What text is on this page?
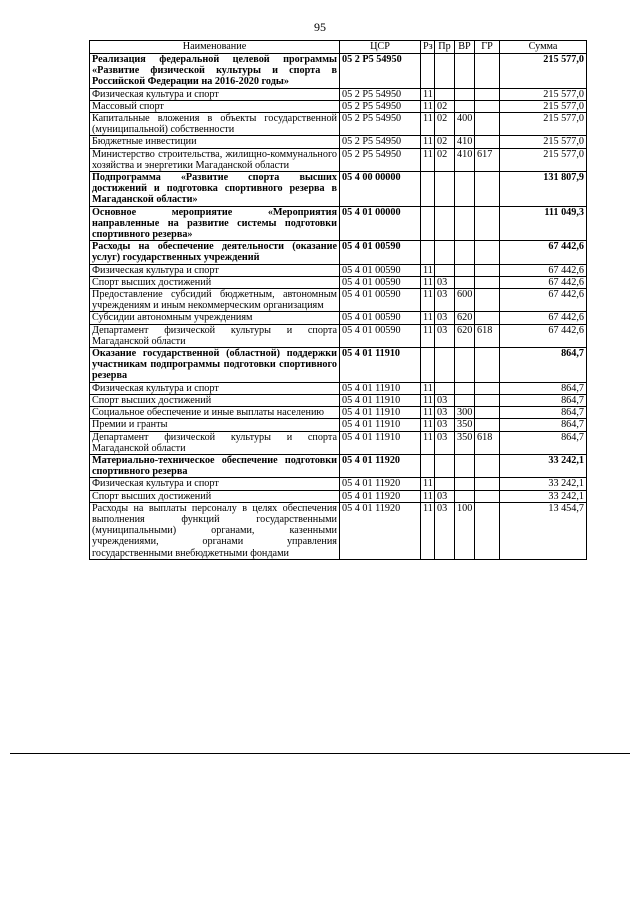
95
Наименование	ЦСР	Рз	Пр	ВР	ГР	Сумма
Реализация федеральной целевой программы «Развитие физической культуры и спорта в Российской Федерации на 2016-2020 годы»	05 2 Р5 54950					215 577,0
Физическая культура и спорт	05 2 Р5 54950	11				215 577,0
Массовый спорт	05 2 Р5 54950	11	02			215 577,0
Капитальные вложения в объекты государственной (муниципальной) собственности	05 2 Р5 54950	11	02	400		215 577,0
Бюджетные инвестиции	05 2 Р5 54950	11	02	410		215 577,0
Министерство строительства, жилищно-коммунального хозяйства и энергетики Магаданской области	05 2 Р5 54950	11	02	410	617	215 577,0
Подпрограмма «Развитие спорта высших достижений и подготовка спортивного резерва в Магаданской области»	05 4 00 00000					131 807,9
Основное мероприятие «Мероприятия направленные на развитие системы подготовки спортивного резерва»	05 4 01 00000					111 049,3
Расходы на обеспечение деятельности (оказание услуг) государственных учреждений	05 4 01 00590					67 442,6
Физическая культура и спорт	05 4 01 00590	11				67 442,6
Спорт высших достижений	05 4 01 00590	11	03			67 442,6
Предоставление субсидий бюджетным, автономным учреждениям и иным некоммерческим организациям	05 4 01 00590	11	03	600		67 442,6
Субсидии автономным учреждениям	05 4 01 00590	11	03	620		67 442,6
Департамент физической культуры и спорта Магаданской области	05 4 01 00590	11	03	620	618	67 442,6
Оказание государственной (областной) поддержки участникам подпрограммы подготовки спортивного резерва	05 4 01 11910					864,7
Физическая культура и спорт	05 4 01 11910	11				864,7
Спорт высших достижений	05 4 01 11910	11	03			864,7
Социальное обеспечение и иные выплаты населению	05 4 01 11910	11	03	300		864,7
Премии и гранты	05 4 01 11910	11	03	350		864,7
Департамент физической культуры и спорта Магаданской области	05 4 01 11910	11	03	350	618	864,7
Материально-техническое обеспечение подготовки спортивного резерва	05 4 01 11920					33 242,1
Физическая культура и спорт	05 4 01 11920	11				33 242,1
Спорт высших достижений	05 4 01 11920	11	03			33 242,1
Расходы на выплаты персоналу в целях обеспечения выполнения функций государственными (муниципальными) органами, казенными учреждениями, органами управления государственными внебюджетными фондами	05 4 01 11920	11	03	100		13 454,7
